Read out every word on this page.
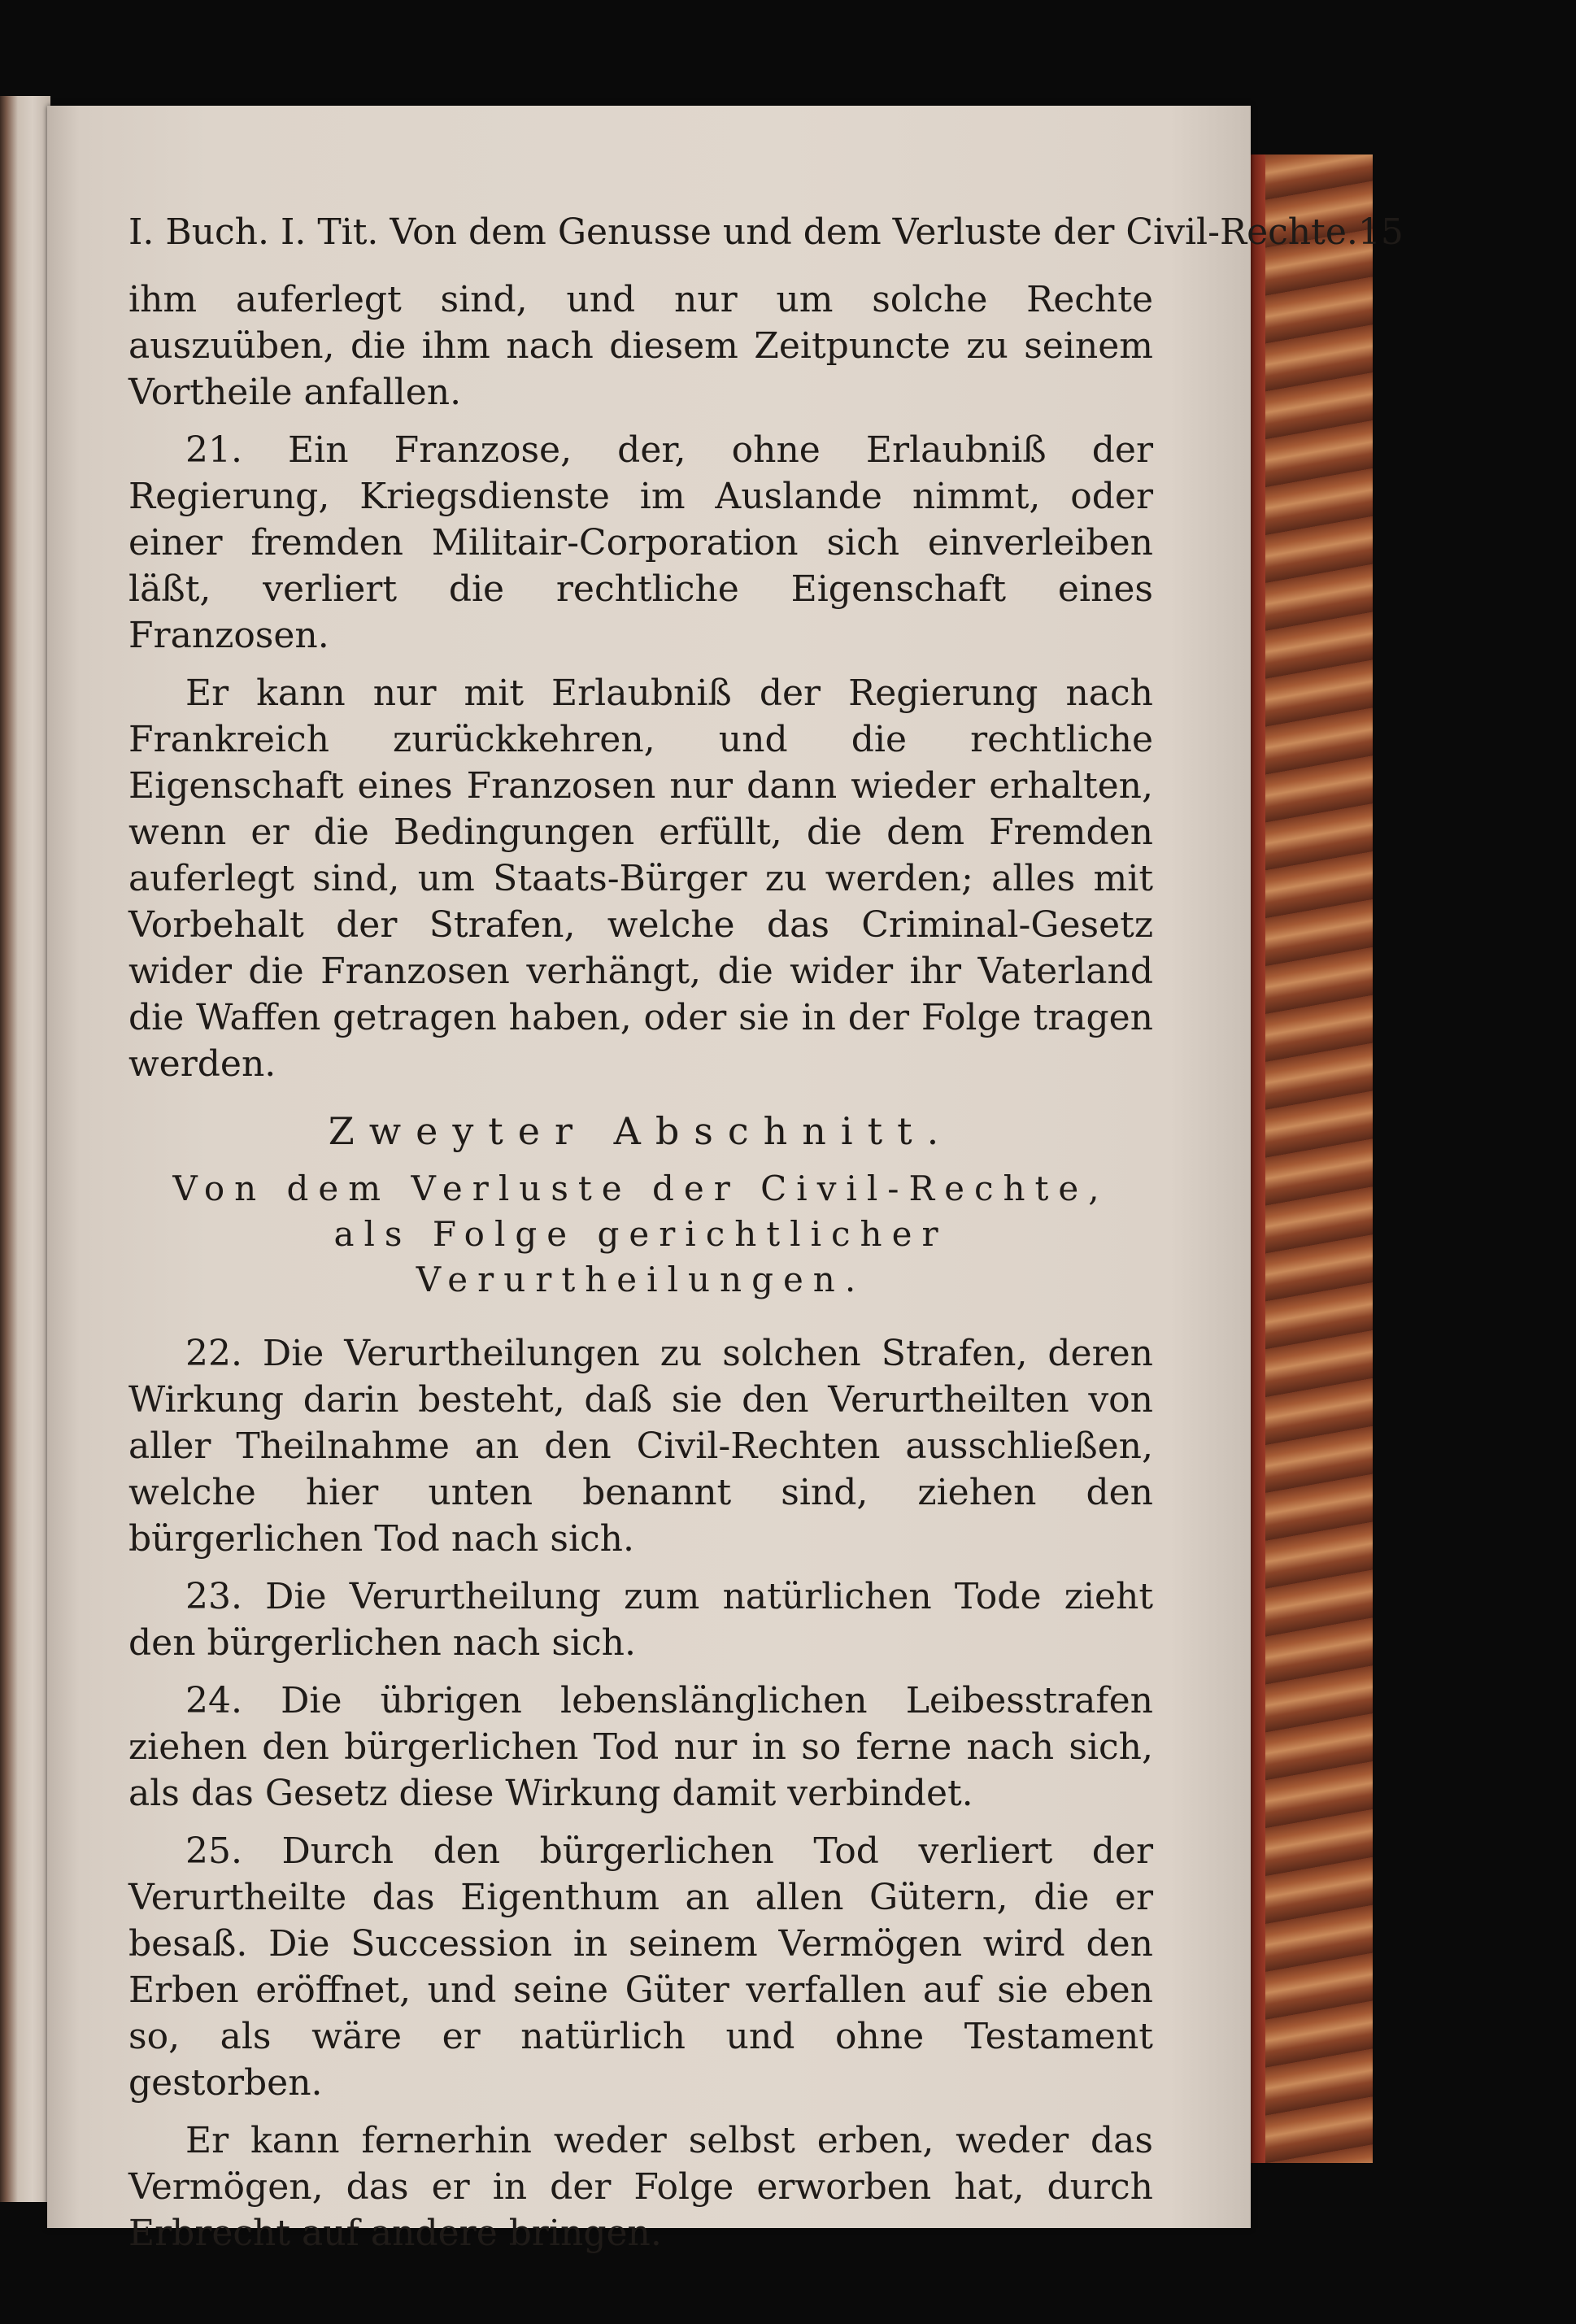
I. Buch. I. Tit. Von dem Genusse und dem Verluste der Civil-Rechte. 15

ihm auferlegt sind, und nur um solche Rechte auszuüben, die ihm nach diesem Zeitpuncte zu seinem Vortheile anfallen.

21. Ein Franzose, der, ohne Erlaubniß der Regierung, Kriegsdienste im Auslande nimmt, oder einer fremden Militair-Corporation sich einverleiben läßt, verliert die rechtliche Eigenschaft eines Franzosen.

Er kann nur mit Erlaubniß der Regierung nach Frankreich zurückkehren, und die rechtliche Eigenschaft eines Franzosen nur dann wieder erhalten, wenn er die Bedingungen erfüllt, die dem Fremden auferlegt sind, um Staats-Bürger zu werden; alles mit Vorbehalt der Strafen, welche das Criminal-Gesetz wider die Franzosen verhängt, die wider ihr Vaterland die Waffen getragen haben, oder sie in der Folge tragen werden.

Zweyter Abschnitt.
Von dem Verluste der Civil-Rechte, als Folge gerichtlicher Verurtheilungen.

22. Die Verurtheilungen zu solchen Strafen, deren Wirkung darin besteht, daß sie den Verurtheilten von aller Theilnahme an den Civil-Rechten ausschließen, welche hier unten benannt sind, ziehen den bürgerlichen Tod nach sich.

23. Die Verurtheilung zum natürlichen Tode zieht den bürgerlichen nach sich.

24. Die übrigen lebenslänglichen Leibesstrafen ziehen den bürgerlichen Tod nur in so ferne nach sich, als das Gesetz diese Wirkung damit verbindet.

25. Durch den bürgerlichen Tod verliert der Verurtheilte das Eigenthum an allen Gütern, die er besaß. Die Succession in seinem Vermögen wird den Erben eröffnet, und seine Güter verfallen auf sie eben so, als wäre er natürlich und ohne Testament gestorben.

Er kann fernerhin weder selbst erben, weder das Vermögen, das er in der Folge erworben hat, durch Erbrecht auf andere bringen.
